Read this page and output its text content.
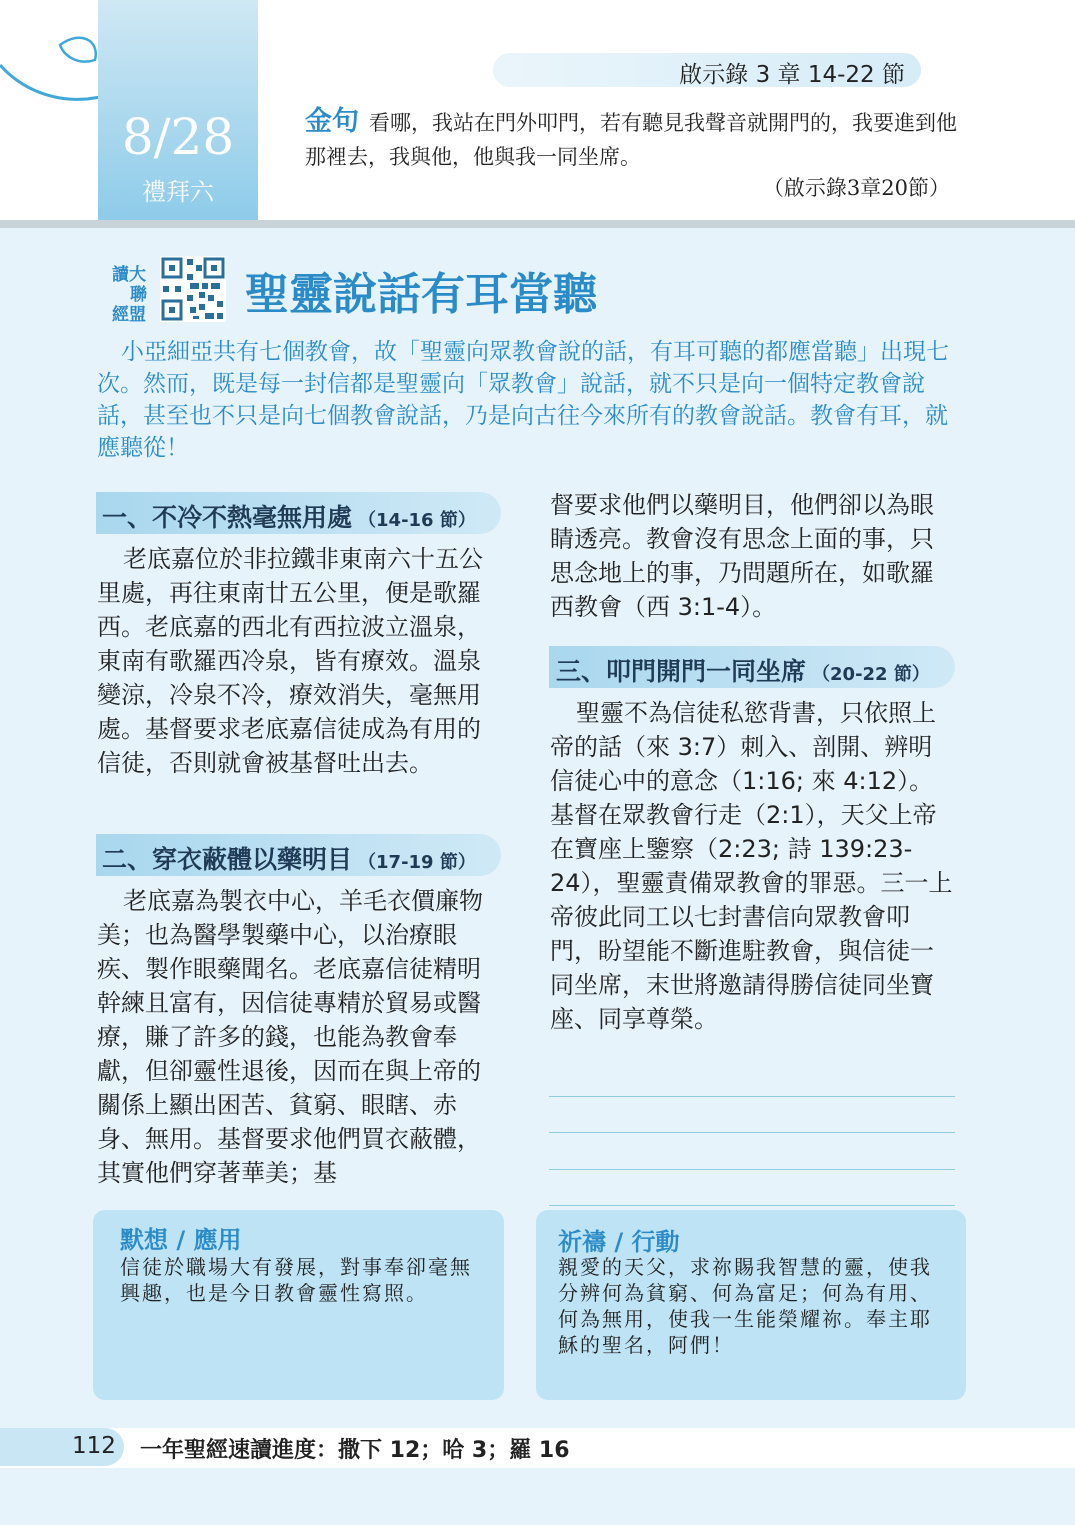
8/28
禮拜六
啟示錄 3 章 14-22 節
金句 看哪，我站在門外叩門，若有聽見我聲音就開門的，我要進到他那裡去，我與他，他與我一同坐席。
（啟示錄3章20節）
讀大
聯
經盟 聖靈說話有耳當聽
小亞細亞共有七個教會，故「聖靈向眾教會說的話，有耳可聽的都應當聽」出現七次。然而，既是每一封信都是聖靈向「眾教會」說話，就不只是向一個特定教會說話，甚至也不只是向七個教會說話，乃是向古往今來所有的教會說話。教會有耳，就應聽從！
一、不冷不熱毫無用處 （14-16 節）

老底嘉位於非拉鐵非東南六十五公里處，再往東南廿五公里，便是歌羅西。老底嘉的西北有西拉波立溫泉，東南有歌羅西冷泉，皆有療效。溫泉變涼，冷泉不冷，療效消失，毫無用處。基督要求老底嘉信徒成為有用的信徒，否則就會被基督吐出去。

二、穿衣蔽體以藥明目 （17-19 節）

老底嘉為製衣中心，羊毛衣價廉物美；也為醫學製藥中心，以治療眼疾、製作眼藥聞名。老底嘉信徒精明幹練且富有，因信徒專精於貿易或醫療，賺了許多的錢，也能為教會奉獻，但卻靈性退後，因而在與上帝的關係上顯出困苦、貧窮、眼瞎、赤身、無用。基督要求他們買衣蔽體，其實他們穿著華美；基

督要求他們以藥明目，他們卻以為眼睛透亮。教會沒有思念上面的事，只思念地上的事，乃問題所在，如歌羅西教會（西 3:1-4）。

三、叩門開門一同坐席 （20-22 節）

聖靈不為信徒私慾背書，只依照上帝的話（來 3:7）刺入、剖開、辨明信徒心中的意念（1:16; 來 4:12）。基督在眾教會行走（2:1），天父上帝在寶座上鑒察（2:23; 詩 139:23-24），聖靈責備眾教會的罪惡。三一上帝彼此同工以七封書信向眾教會叩門，盼望能不斷進駐教會，與信徒一同坐席，末世將邀請得勝信徒同坐寶座、同享尊榮。

默想 / 應用
信徒於職場大有發展，對事奉卻毫無興趣，也是今日教會靈性寫照。
祈禱 / 行動
親愛的天父，求祢賜我智慧的靈，使我分辨何為貧窮、何為富足；何為有用、何為無用，使我一生能榮耀祢。奉主耶穌的聖名，阿們！
112 一年聖經速讀進度：撒下 12；哈 3；羅 16
